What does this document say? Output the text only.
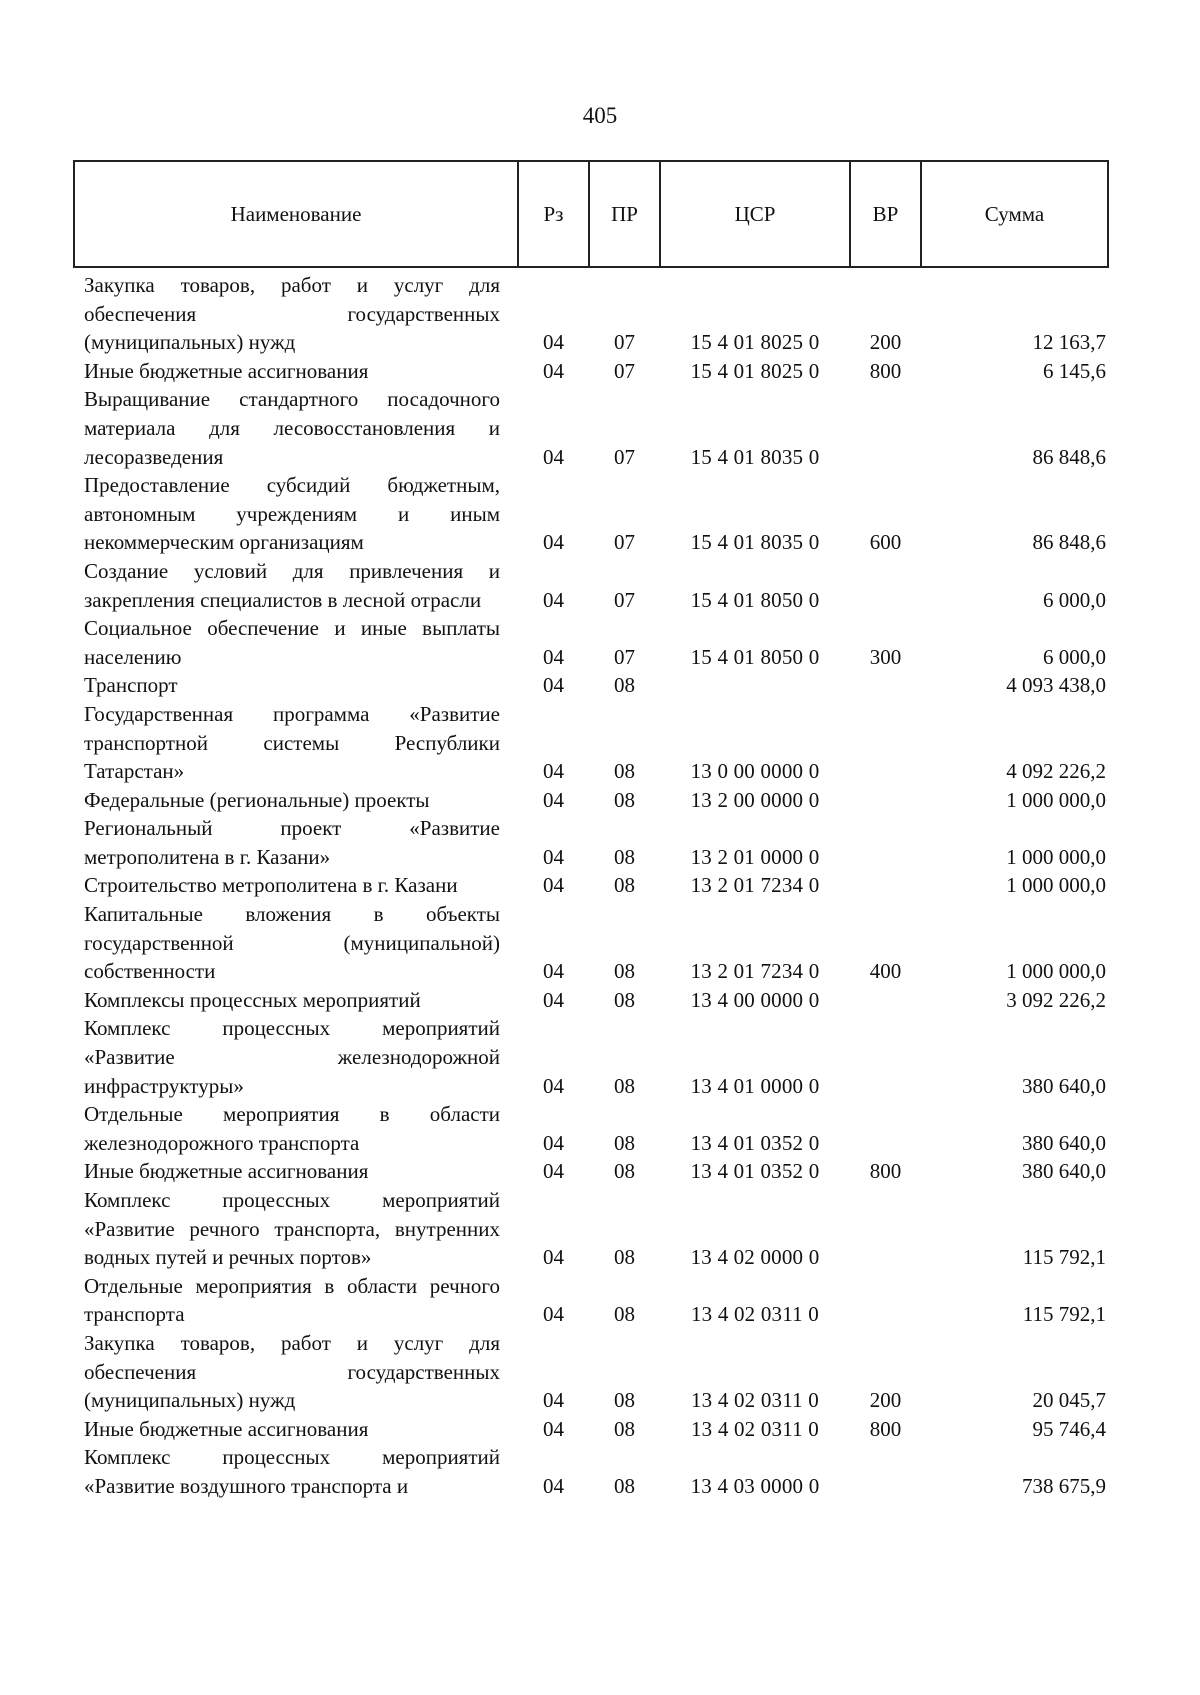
405
Наименование	Рз	ПР	ЦСР	ВР	Сумма
Закупка товаров, работ и услуг для обеспечения государственных (муниципальных) нужд	04	07	15 4 01 8025 0	200	12 163,7
Иные бюджетные ассигнования	04	07	15 4 01 8025 0	800	6 145,6
Выращивание стандартного посадочного материала для лесовосстановления и лесоразведения	04	07	15 4 01 8035 0		86 848,6
Предоставление субсидий бюджетным, автономным учреждениям и иным некоммерческим организациям	04	07	15 4 01 8035 0	600	86 848,6
Создание условий для привлечения и закрепления специалистов в лесной отрасли	04	07	15 4 01 8050 0		6 000,0
Социальное обеспечение и иные выплаты населению	04	07	15 4 01 8050 0	300	6 000,0
Транспорт	04	08			4 093 438,0
Государственная программа «Развитие транспортной системы Республики Татарстан»	04	08	13 0 00 0000 0		4 092 226,2
Федеральные (региональные) проекты	04	08	13 2 00 0000 0		1 000 000,0
Региональный проект «Развитие метрополитена в г. Казани»	04	08	13 2 01 0000 0		1 000 000,0
Строительство метрополитена в г. Казани	04	08	13 2 01 7234 0		1 000 000,0
Капитальные вложения в объекты государственной (муниципальной) собственности	04	08	13 2 01 7234 0	400	1 000 000,0
Комплексы процессных мероприятий	04	08	13 4 00 0000 0		3 092 226,2
Комплекс процессных мероприятий «Развитие железнодорожной инфраструктуры»	04	08	13 4 01 0000 0		380 640,0
Отдельные мероприятия в области железнодорожного транспорта	04	08	13 4 01 0352 0		380 640,0
Иные бюджетные ассигнования	04	08	13 4 01 0352 0	800	380 640,0
Комплекс процессных мероприятий «Развитие речного транспорта, внутренних водных путей и речных портов»	04	08	13 4 02 0000 0		115 792,1
Отдельные мероприятия в области речного транспорта	04	08	13 4 02 0311 0		115 792,1
Закупка товаров, работ и услуг для обеспечения государственных (муниципальных) нужд	04	08	13 4 02 0311 0	200	20 045,7
Иные бюджетные ассигнования	04	08	13 4 02 0311 0	800	95 746,4
Комплекс процессных мероприятий «Развитие воздушного транспорта и	04	08	13 4 03 0000 0		738 675,9
